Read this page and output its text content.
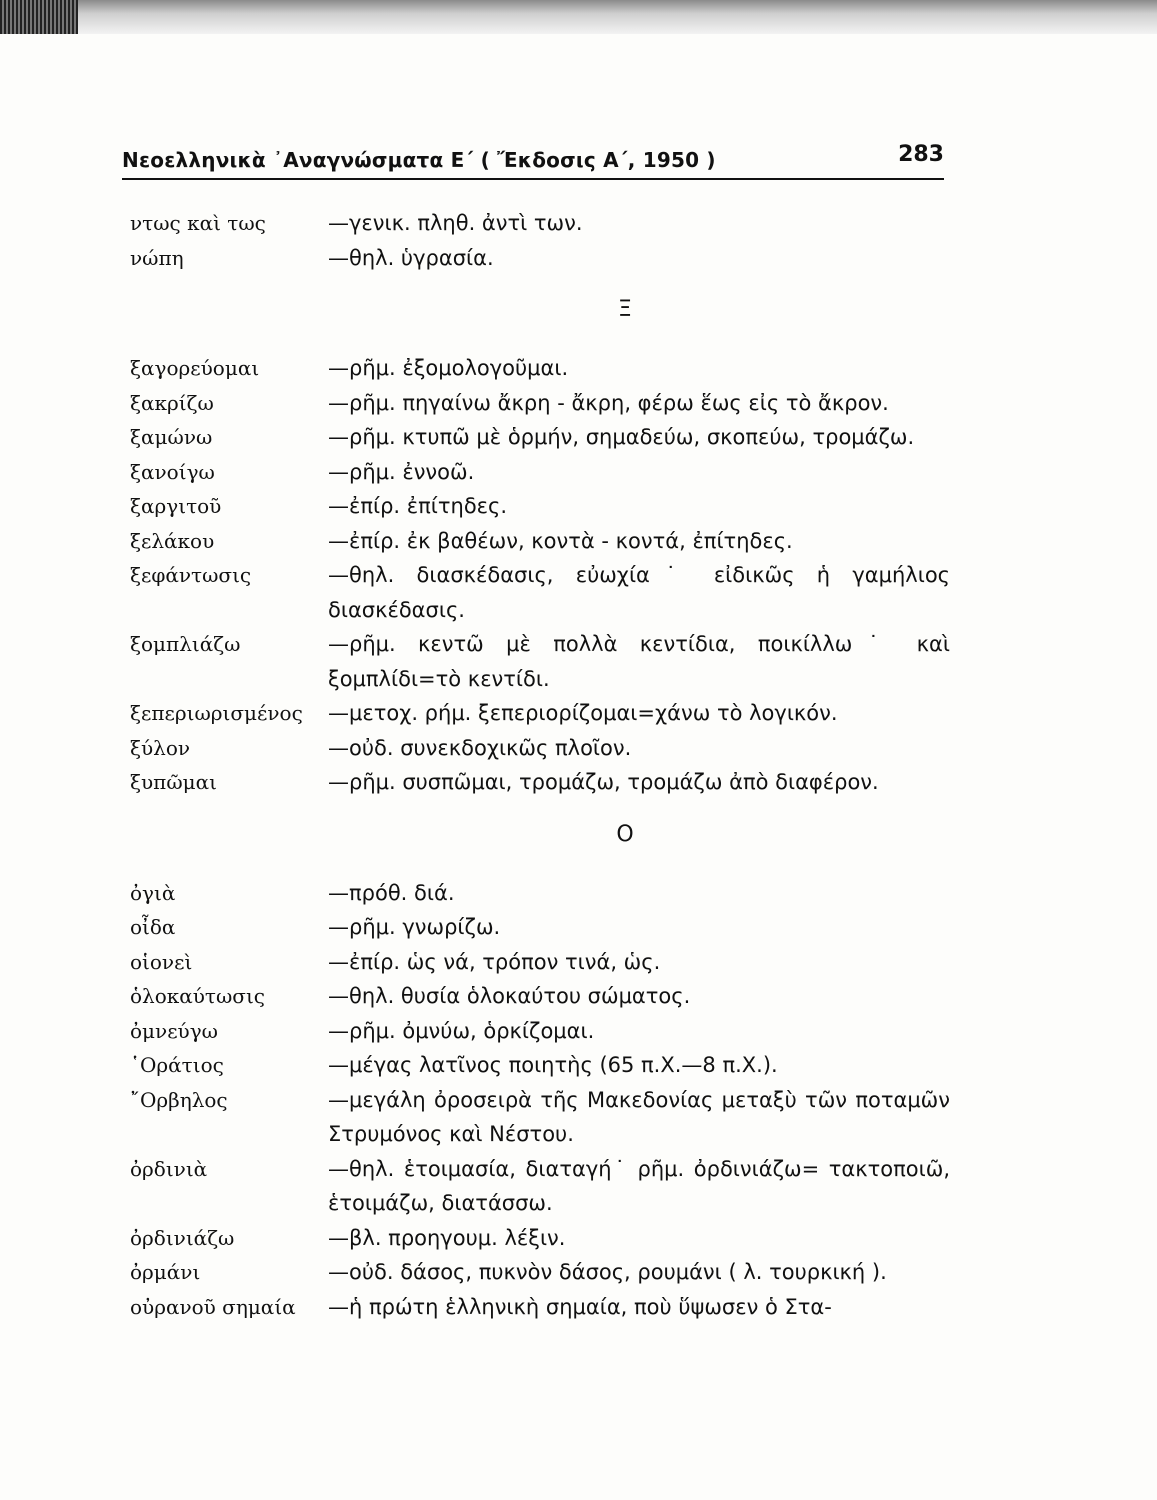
Νεοελληνικὰ ᾿Αναγνώσματα Ε΄ ( Ἔκδοσις Α΄, 1950 )	283
ντως καὶ τως	—γενικ. πληθ. ἀντὶ των.
νώπη	—θηλ. ὑγρασία.
Ξ
ξαγορεύομαι	—ρῆμ. ἐξομολογοῦμαι.
ξακρίζω	—ρῆμ. πηγαίνω ἄκρη - ἄκρη, φέρω ἕως εἰς τὸ ἄκρον.
ξαμώνω	—ρῆμ. κτυπῶ μὲ ὁρμήν, σημαδεύω, σκοπεύω, τρομάζω.
ξανοίγω	—ρῆμ. ἐννοῶ.
ξαργιτοῦ	—ἐπίρ. ἐπίτηδες.
ξελάκου	—ἐπίρ. ἐκ βαθέων, κοντὰ - κοντά, ἐπίτηδες.
ξεφάντωσις	—θηλ. διασκέδασις, εὐωχία˙ εἰδικῶς ἡ γαμήλιος διασκέδασις.
ξομπλιάζω	—ρῆμ. κεντῶ μὲ πολλὰ κεντίδια, ποικίλλω˙ καὶ ξομπλίδι=τὸ κεντίδι.
ξεπεριωρισμένος	—μετοχ. ρήμ. ξεπεριορίζομαι=χάνω τὸ λογικόν.
ξύλον	—οὐδ. συνεκδοχικῶς πλοῖον.
ξυπῶμαι	—ρῆμ. συσπῶμαι, τρομάζω, τρομάζω ἀπὸ διαφέρον.
Ο
ὀγιὰ	—πρόθ. διά.
οἶδα	—ρῆμ. γνωρίζω.
οἱονεὶ	—ἐπίρ. ὡς νά, τρόπον τινά, ὡς.
ὁλοκαύτωσις	—θηλ. θυσία ὁλοκαύτου σώματος.
ὀμνεύγω	—ρῆμ. ὀμνύω, ὁρκίζομαι.
῾Οράτιος	—μέγας λατῖνος ποιητὴς (65 π.Χ.—8 π.Χ.).
῎Ορβηλος	—μεγάλη ὀροσειρὰ τῆς Μακεδονίας μεταξὺ τῶν ποταμῶν Στρυμόνος καὶ Νέστου.
ὀρδινιὰ	—θηλ. ἑτοιμασία, διαταγή˙ ρῆμ. ὀρδινιάζω= τακτοποιῶ, ἑτοιμάζω, διατάσσω.
ὀρδινιάζω	—βλ. προηγουμ. λέξιν.
ὀρμάνι	—οὐδ. δάσος, πυκνὸν δάσος, ρουμάνι ( λ. τουρκική ).
οὐρανοῦ σημαία	—ἡ πρώτη ἑλληνικὴ σημαία, ποὺ ὕψωσεν ὁ Στα-
